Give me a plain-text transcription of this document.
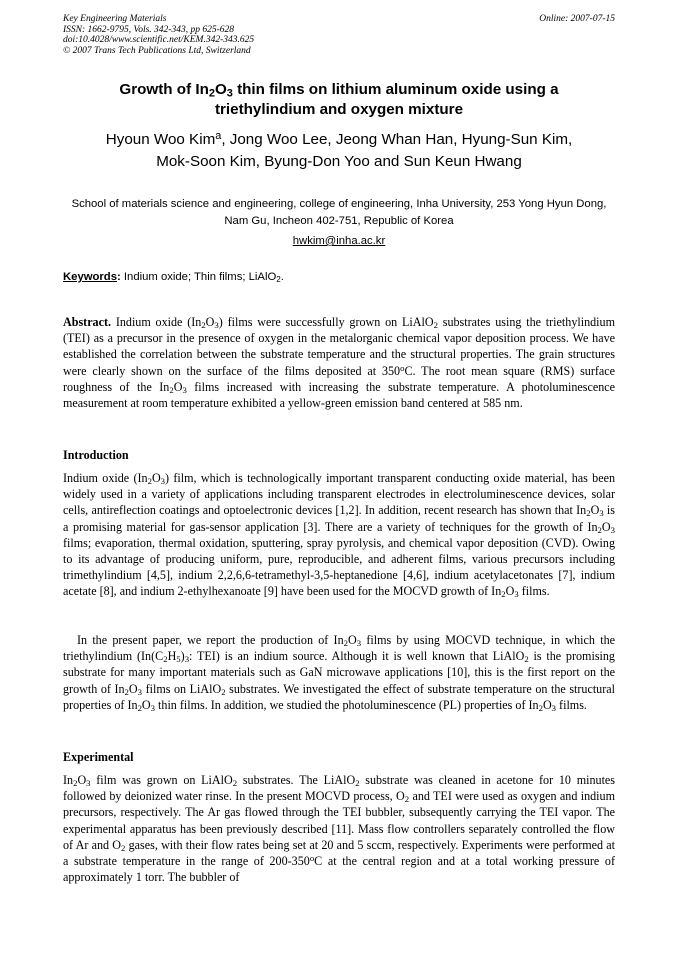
Key Engineering Materials
ISSN: 1662-9795, Vols. 342-343, pp 625-628
doi:10.4028/www.scientific.net/KEM.342-343.625
© 2007 Trans Tech Publications Ltd, Switzerland
Online: 2007-07-15
Growth of $In_2O_3$ thin films on lithium aluminum oxide using a triethylindium and oxygen mixture
Hyoun Woo Kim$^a$, Jong Woo Lee, Jeong Whan Han, Hyung-Sun Kim,
Mok-Soon Kim, Byung-Don Yoo and Sun Keun Hwang
School of materials science and engineering, college of engineering, Inha University, 253 Yong Hyun Dong, Nam Gu, Incheon 402-751, Republic of Korea
hwkim@inha.ac.kr
Keywords: Indium oxide; Thin films; LiAlO$_2$.
Abstract. Indium oxide $(In_2O_3)$ films were successfully grown on LiAlO$_2$ substrates using the triethylindium (TEI) as a precursor in the presence of oxygen in the metalorganic chemical vapor deposition process. We have established the correlation between the substrate temperature and the structural properties. The grain structures were clearly shown on the surface of the films deposited at 350$^o$C. The root mean square (RMS) surface roughness of the $In_2O_3$ films increased with increasing the substrate temperature. A photoluminescence measurement at room temperature exhibited a yellow-green emission band centered at 585 nm.
Introduction
Indium oxide $(In_2O_3)$ film, which is technologically important transparent conducting oxide material, has been widely used in a variety of applications including transparent electrodes in electroluminescence devices, solar cells, antireflection coatings and optoelectronic devices [1,2]. In addition, recent research has shown that $In_2O_3$ is a promising material for gas-sensor application [3]. There are a variety of techniques for the growth of $In_2O_3$ films; evaporation, thermal oxidation, sputtering, spray pyrolysis, and chemical vapor deposition (CVD). Owing to its advantage of producing uniform, pure, reproducible, and adherent films, various precursors including trimethylindium [4,5], indium 2,2,6,6-tetramethyl-3,5-heptanedione [4,6], indium acetylacetonates [7], indium acetate [8], and indium 2-ethylhexanoate [9] have been used for the MOCVD growth of $In_2O_3$ films.
In the present paper, we report the production of $In_2O_3$ films by using MOCVD technique, in which the triethylindium ($In(C_2H_5)_3$: TEI) is an indium source. Although it is well known that LiAlO$_2$ is the promising substrate for many important materials such as GaN microwave applications [10], this is the first report on the growth of $In_2O_3$ films on LiAlO$_2$ substrates. We investigated the effect of substrate temperature on the structural properties of $In_2O_3$ thin films. In addition, we studied the photoluminescence (PL) properties of $In_2O_3$ films.
Experimental
$In_2O_3$ film was grown on LiAlO$_2$ substrates. The LiAlO$_2$ substrate was cleaned in acetone for 10 minutes followed by deionized water rinse. In the present MOCVD process, $O_2$ and TEI were used as oxygen and indium precursors, respectively. The Ar gas flowed through the TEI bubbler, subsequently carrying the TEI vapor. The experimental apparatus has been previously described [11]. Mass flow controllers separately controlled the flow of Ar and $O_2$ gases, with their flow rates being set at 20 and 5 sccm, respectively. Experiments were performed at a substrate temperature in the range of 200-350$^o$C at the central region and at a total working pressure of approximately 1 torr. The bubbler of
